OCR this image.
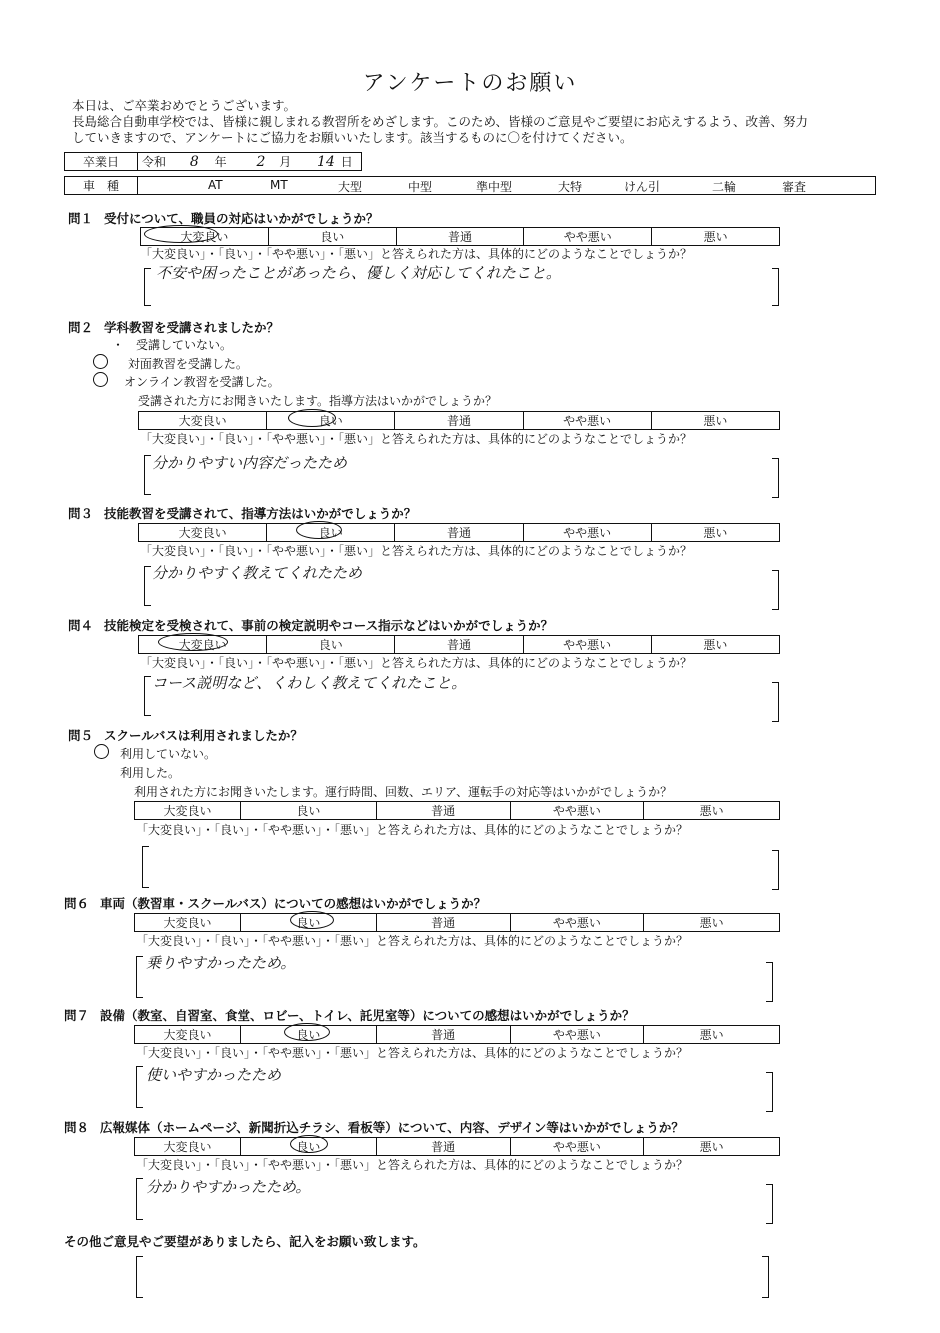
アンケートのお願い
本日は、ご卒業おめでとうございます。
長島総合自動車学校では、皆様に親しまれる教習所をめざします。このため、皆様のご意見やご要望にお応えするよう、改善、努力
していきますので、アンケートにご協力をお願いいたします。該当するものに〇を付けてください。
卒業日	令和 8 年 2 月 14 日
車　種	AT	MT	大型	中型	準中型	大特	けん引	二輪	審査
問１ 受付について、職員の対応はいかがでしょうか？
大変良い	良い	普通	やや悪い	悪い
「大変良い」・「良い」・「やや悪い」・「悪い」と答えられた方は、具体的にどのようなことでしょうか？
不安や困ったことがあったら、優しく対応してくれたこと。
問２ 学科教習を受講されましたか？
・　受講していない。
　 対面教習を受講した。
　オンライン教習を受講した。
受講された方にお聞きいたします。指導方法はいかがでしょうか？
大変良い	良い	普通	やや悪い	悪い
「大変良い」・「良い」・「やや悪い」・「悪い」と答えられた方は、具体的にどのようなことでしょうか？
分かりやすい内容だったため
問３ 技能教習を受講されて、指導方法はいかがでしょうか？
大変良い	良い	普通	やや悪い	悪い
「大変良い」・「良い」・「やや悪い」・「悪い」と答えられた方は、具体的にどのようなことでしょうか？
分かりやすく教えてくれたため
問４ 技能検定を受検されて、事前の検定説明やコース指示などはいかがでしょうか？
大変良い	良い	普通	やや悪い	悪い
「大変良い」・「良い」・「やや悪い」・「悪い」と答えられた方は、具体的にどのようなことでしょうか？
コース説明など、くわしく教えてくれたこと。
問５ スクールバスは利用されましたか？
利用していない。
利用した。
利用された方にお聞きいたします。運行時間、回数、エリア、運転手の対応等はいかがでしょうか？
大変良い	良い	普通	やや悪い	悪い
「大変良い」・「良い」・「やや悪い」・「悪い」と答えられた方は、具体的にどのようなことでしょうか？
問６ 車両（教習車・スクールバス）についての感想はいかがでしょうか？
大変良い	良い	普通	やや悪い	悪い
「大変良い」・「良い」・「やや悪い」・「悪い」と答えられた方は、具体的にどのようなことでしょうか？
乗りやすかったため。
問７ 設備（教室、自習室、食堂、ロビー、トイレ、託児室等）についての感想はいかがでしょうか？
大変良い	良い	普通	やや悪い	悪い
「大変良い」・「良い」・「やや悪い」・「悪い」と答えられた方は、具体的にどのようなことでしょうか？
使いやすかったため
問８ 広報媒体（ホームページ、新聞折込チラシ、看板等）について、内容、デザイン等はいかがでしょうか？
大変良い	良い	普通	やや悪い	悪い
「大変良い」・「良い」・「やや悪い」・「悪い」と答えられた方は、具体的にどのようなことでしょうか？
分かりやすかったため。
その他ご意見やご要望がありましたら、記入をお願い致します。
